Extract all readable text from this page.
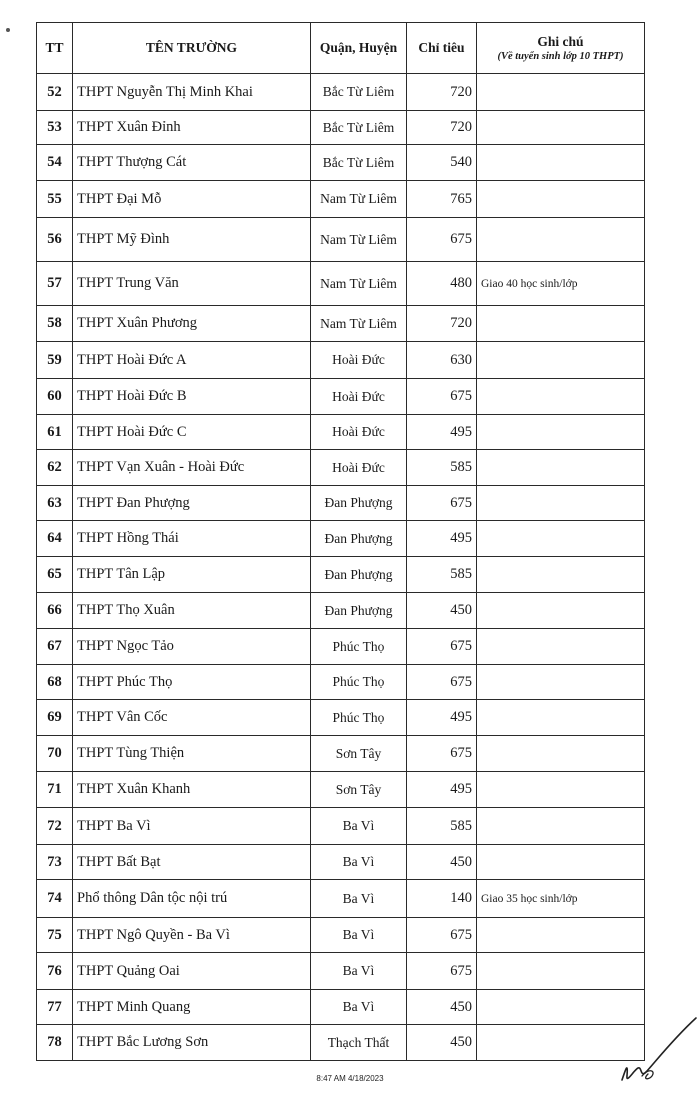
TT	TÊN TRƯỜNG	Quận, Huyện	Chỉ tiêu	Ghi chú
(Về tuyển sinh lớp 10 THPT)

52	THPT Nguyễn Thị Minh Khai	Bắc Từ Liêm	720	
53	THPT Xuân Đỉnh	Bắc Từ Liêm	720	
54	THPT Thượng Cát	Bắc Từ Liêm	540	
55	THPT Đại Mỗ	Nam Từ Liêm	765	
56	THPT Mỹ Đình	Nam Từ Liêm	675	
57	THPT Trung Văn	Nam Từ Liêm	480	Giao 40 học sinh/lớp
58	THPT Xuân Phương	Nam Từ Liêm	720	
59	THPT Hoài Đức A	Hoài Đức	630	
60	THPT Hoài Đức B	Hoài Đức	675	
61	THPT Hoài Đức C	Hoài Đức	495	
62	THPT Vạn Xuân - Hoài Đức	Hoài Đức	585	
63	THPT Đan Phượng	Đan Phượng	675	
64	THPT Hồng Thái	Đan Phượng	495	
65	THPT Tân Lập	Đan Phượng	585	
66	THPT Thọ Xuân	Đan Phượng	450	
67	THPT Ngọc Tảo	Phúc Thọ	675	
68	THPT Phúc Thọ	Phúc Thọ	675	
69	THPT Vân Cốc	Phúc Thọ	495	
70	THPT Tùng Thiện	Sơn Tây	675	
71	THPT Xuân Khanh	Sơn Tây	495	
72	THPT Ba Vì	Ba Vì	585	
73	THPT Bất Bạt	Ba Vì	450	
74	Phổ thông Dân tộc nội trú	Ba Vì	140	Giao 35 học sinh/lớp
75	THPT Ngô Quyền - Ba Vì	Ba Vì	675	
76	THPT Quảng Oai	Ba Vì	675	
77	THPT Minh Quang	Ba Vì	450	
78	THPT Bắc Lương Sơn	Thạch Thất	450	
8:47 AM 4/18/2023
